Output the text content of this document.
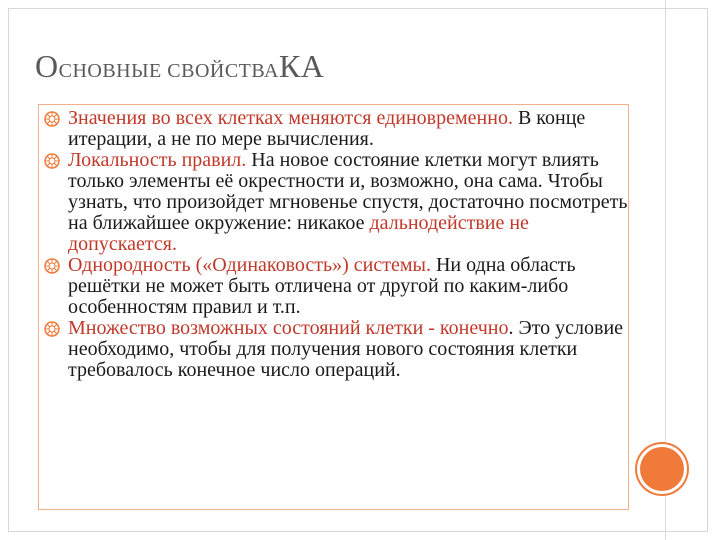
ОСНОВНЫЕ СВОЙСТВАКА
Значения во всех клетках меняются единовременно. В конце итерации, а не по мере вычисления.
Локальность правил. На новое состояние клетки могут влиять только элементы её окрестности и, возможно, она сама. Чтобы узнать, что произойдет мгновенье спустя, достаточно посмотреть на ближайшее окружение: никакое дальнодействие не допускается.
Однородность («Одинаковость») системы. Ни одна область решётки не может быть отличена от другой по каким-либо особенностям правил и т.п.
Множество возможных состояний клетки - конечно. Это условие необходимо, чтобы для получения нового состояния клетки требовалось конечное число операций.
